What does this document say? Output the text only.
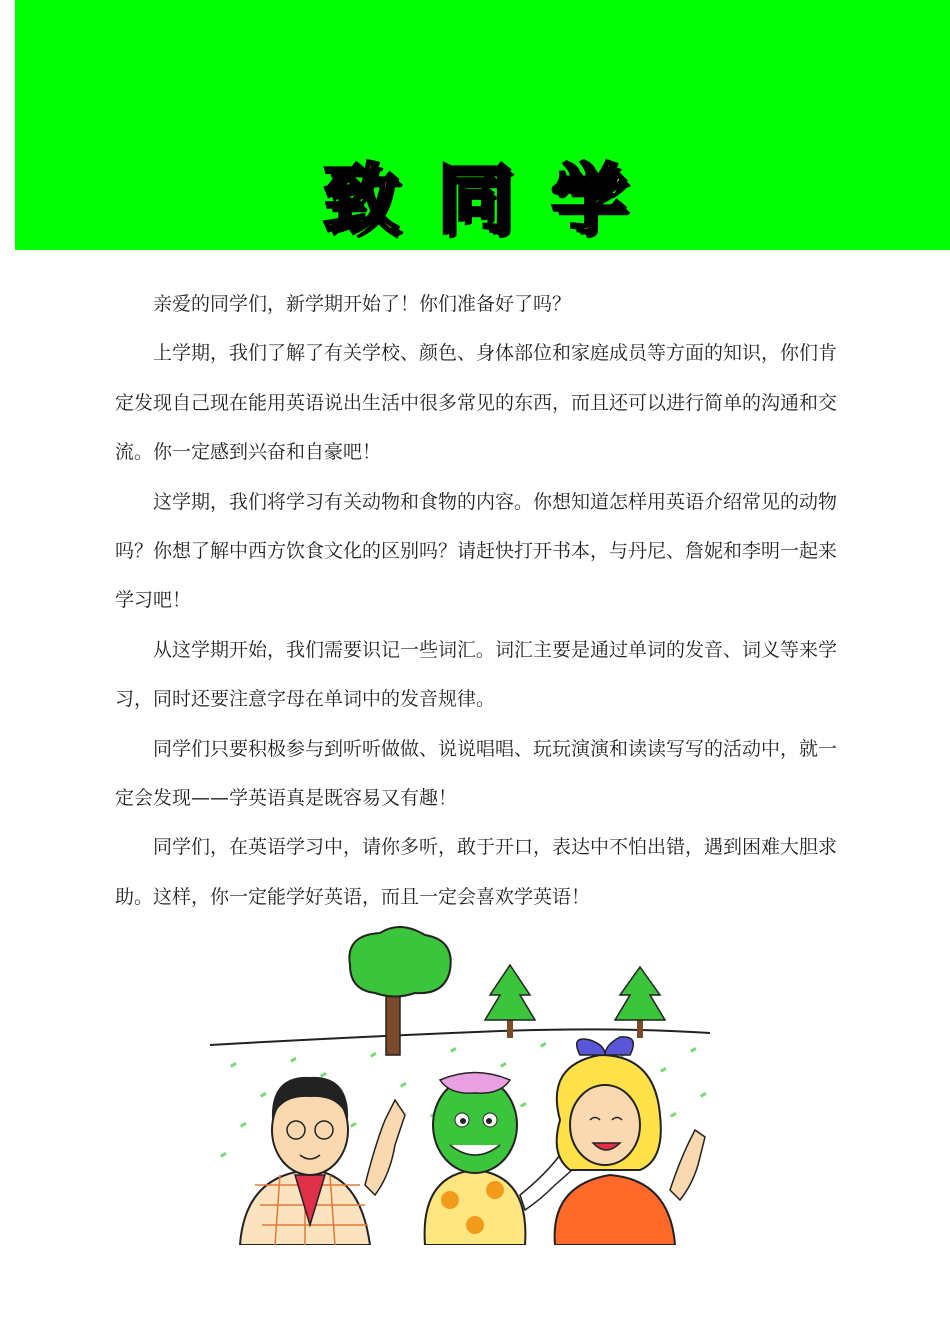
致同学

亲爱的同学们，新学期开始了！你们准备好了吗？

上学期，我们了解了有关学校、颜色、身体部位和家庭成员等方面的知识，你们肯定发现自己现在能用英语说出生活中很多常见的东西，而且还可以进行简单的沟通和交流。你一定感到兴奋和自豪吧！

这学期，我们将学习有关动物和食物的内容。你想知道怎样用英语介绍常见的动物吗？你想了解中西方饮食文化的区别吗？请赶快打开书本，与丹尼、詹妮和李明一起来学习吧！

从这学期开始，我们需要识记一些词汇。词汇主要是通过单词的发音、词义等来学习，同时还要注意字母在单词中的发音规律。

同学们只要积极参与到听听做做、说说唱唱、玩玩演演和读读写写的活动中，就一定会发现——学英语真是既容易又有趣！

同学们，在英语学习中，请你多听，敢于开口，表达中不怕出错，遇到困难大胆求助。这样，你一定能学好英语，而且一定会喜欢学英语！
